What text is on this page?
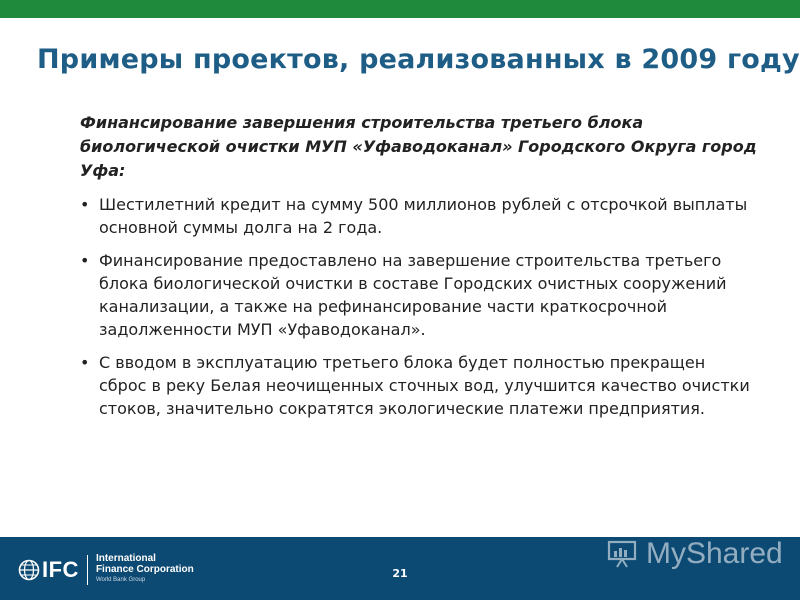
Примеры проектов, реализованных в 2009 году

Финансирование завершения строительства третьего блока биологической очистки МУП «Уфаводоканал» Городского Округа город Уфа:

• Шестилетний кредит на сумму 500 миллионов рублей с отсрочкой выплаты основной суммы долга на 2 года.
• Финансирование предоставлено на завершение строительства третьего блока биологической очистки в составе Городских очистных сооружений канализации, а также на рефинансирование части краткосрочной задолженности МУП «Уфаводоканал».
• С вводом в эксплуатацию третьего блока будет полностью прекращен сброс в реку Белая неочищенных сточных вод, улучшится качество очистки стоков, значительно сократятся экологические платежи предприятия.
IFC International
Finance Corporation
World Bank Group	21
MyShared
